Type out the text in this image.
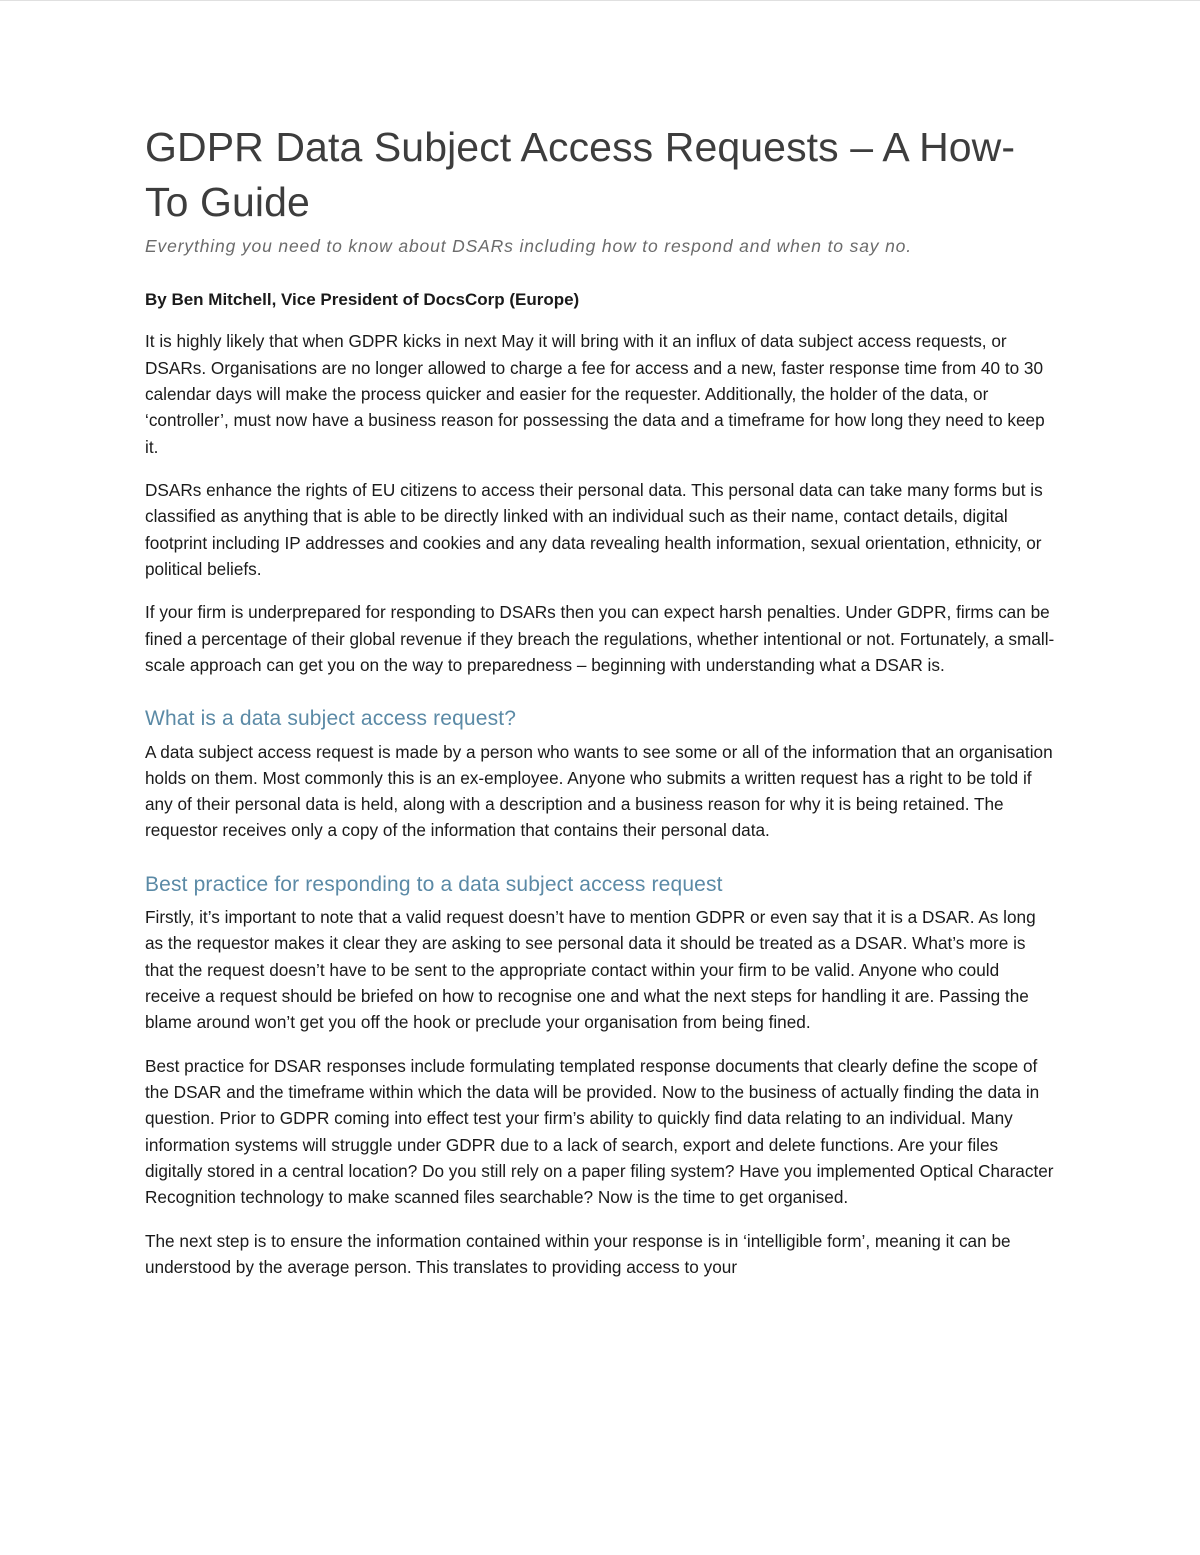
GDPR Data Subject Access Requests – A How-To Guide

Everything you need to know about DSARs including how to respond and when to say no.

By Ben Mitchell, Vice President of DocsCorp (Europe)

It is highly likely that when GDPR kicks in next May it will bring with it an influx of data subject access requests, or DSARs. Organisations are no longer allowed to charge a fee for access and a new, faster response time from 40 to 30 calendar days will make the process quicker and easier for the requester. Additionally, the holder of the data, or ‘controller’, must now have a business reason for possessing the data and a timeframe for how long they need to keep it.

DSARs enhance the rights of EU citizens to access their personal data. This personal data can take many forms but is classified as anything that is able to be directly linked with an individual such as their name, contact details, digital footprint including IP addresses and cookies and any data revealing health information, sexual orientation, ethnicity, or political beliefs.

If your firm is underprepared for responding to DSARs then you can expect harsh penalties. Under GDPR, firms can be fined a percentage of their global revenue if they breach the regulations, whether intentional or not. Fortunately, a small-scale approach can get you on the way to preparedness – beginning with understanding what a DSAR is.

What is a data subject access request?

A data subject access request is made by a person who wants to see some or all of the information that an organisation holds on them. Most commonly this is an ex-employee. Anyone who submits a written request has a right to be told if any of their personal data is held, along with a description and a business reason for why it is being retained. The requestor receives only a copy of the information that contains their personal data.

Best practice for responding to a data subject access request

Firstly, it’s important to note that a valid request doesn’t have to mention GDPR or even say that it is a DSAR. As long as the requestor makes it clear they are asking to see personal data it should be treated as a DSAR. What’s more is that the request doesn’t have to be sent to the appropriate contact within your firm to be valid. Anyone who could receive a request should be briefed on how to recognise one and what the next steps for handling it are. Passing the blame around won’t get you off the hook or preclude your organisation from being fined.

Best practice for DSAR responses include formulating templated response documents that clearly define the scope of the DSAR and the timeframe within which the data will be provided. Now to the business of actually finding the data in question. Prior to GDPR coming into effect test your firm’s ability to quickly find data relating to an individual. Many information systems will struggle under GDPR due to a lack of search, export and delete functions. Are your files digitally stored in a central location? Do you still rely on a paper filing system? Have you implemented Optical Character Recognition technology to make scanned files searchable? Now is the time to get organised.

The next step is to ensure the information contained within your response is in ‘intelligible form’, meaning it can be understood by the average person. This translates to providing access to your
